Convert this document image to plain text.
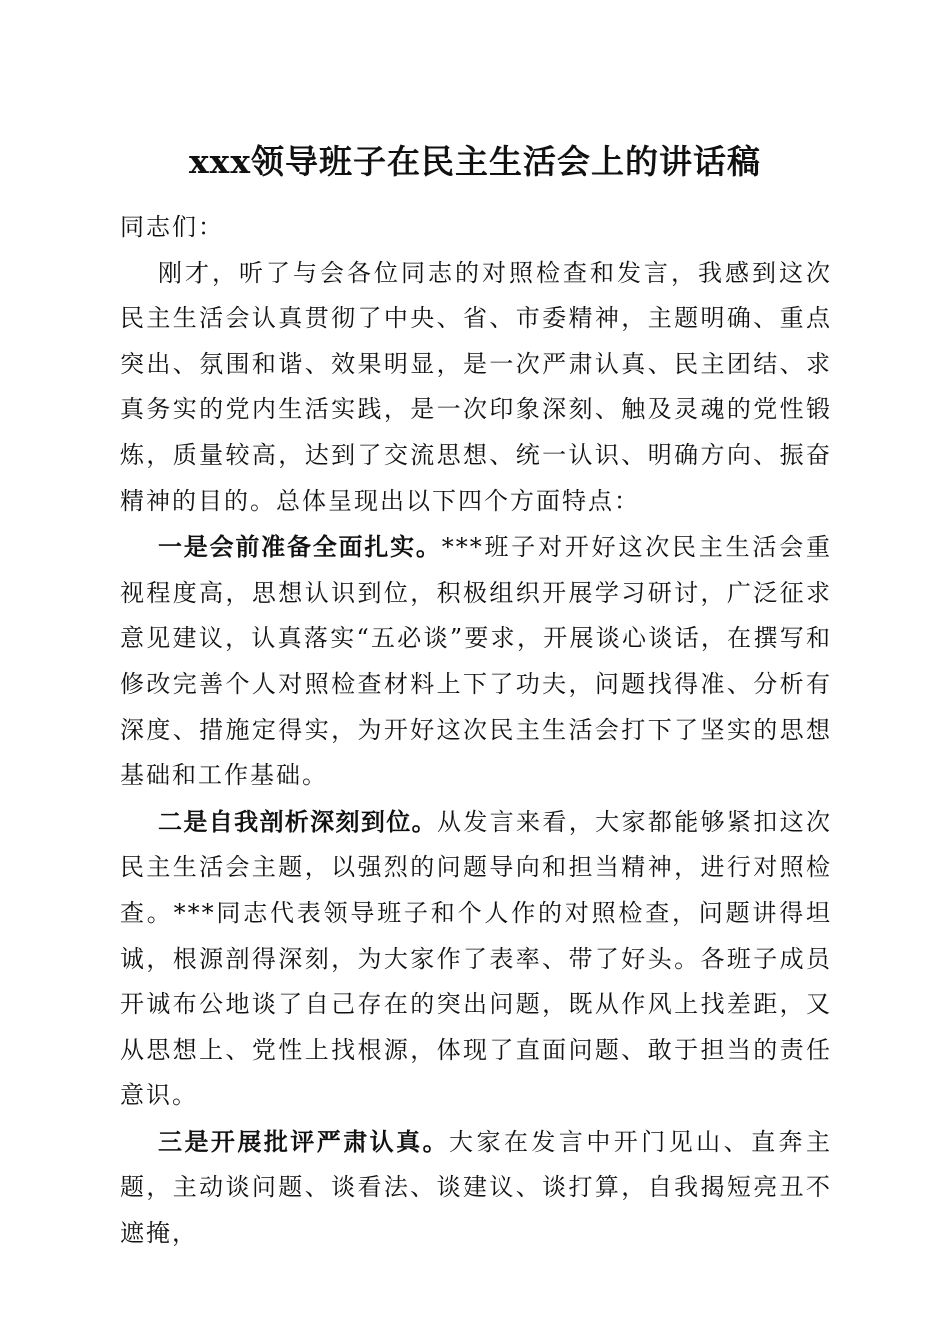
xxx领导班子在民主生活会上的讲话稿

同志们：

刚才，听了与会各位同志的对照检查和发言，我感到这次民主生活会认真贯彻了中央、省、市委精神，主题明确、重点突出、氛围和谐、效果明显，是一次严肃认真、民主团结、求真务实的党内生活实践，是一次印象深刻、触及灵魂的党性锻炼，质量较高，达到了交流思想、统一认识、明确方向、振奋精神的目的。总体呈现出以下四个方面特点：

一是会前准备全面扎实。***班子对开好这次民主生活会重视程度高，思想认识到位，积极组织开展学习研讨，广泛征求意见建议，认真落实“五必谈”要求，开展谈心谈话，在撰写和修改完善个人对照检查材料上下了功夫，问题找得准、分析有深度、措施定得实，为开好这次民主生活会打下了坚实的思想基础和工作基础。

二是自我剖析深刻到位。从发言来看，大家都能够紧扣这次民主生活会主题，以强烈的问题导向和担当精神，进行对照检查。***同志代表领导班子和个人作的对照检查，问题讲得坦诚，根源剖得深刻，为大家作了表率、带了好头。各班子成员开诚布公地谈了自己存在的突出问题，既从作风上找差距，又从思想上、党性上找根源，体现了直面问题、敢于担当的责任意识。

三是开展批评严肃认真。大家在发言中开门见山、直奔主题，主动谈问题、谈看法、谈建议、谈打算，自我揭短亮丑不遮掩，
